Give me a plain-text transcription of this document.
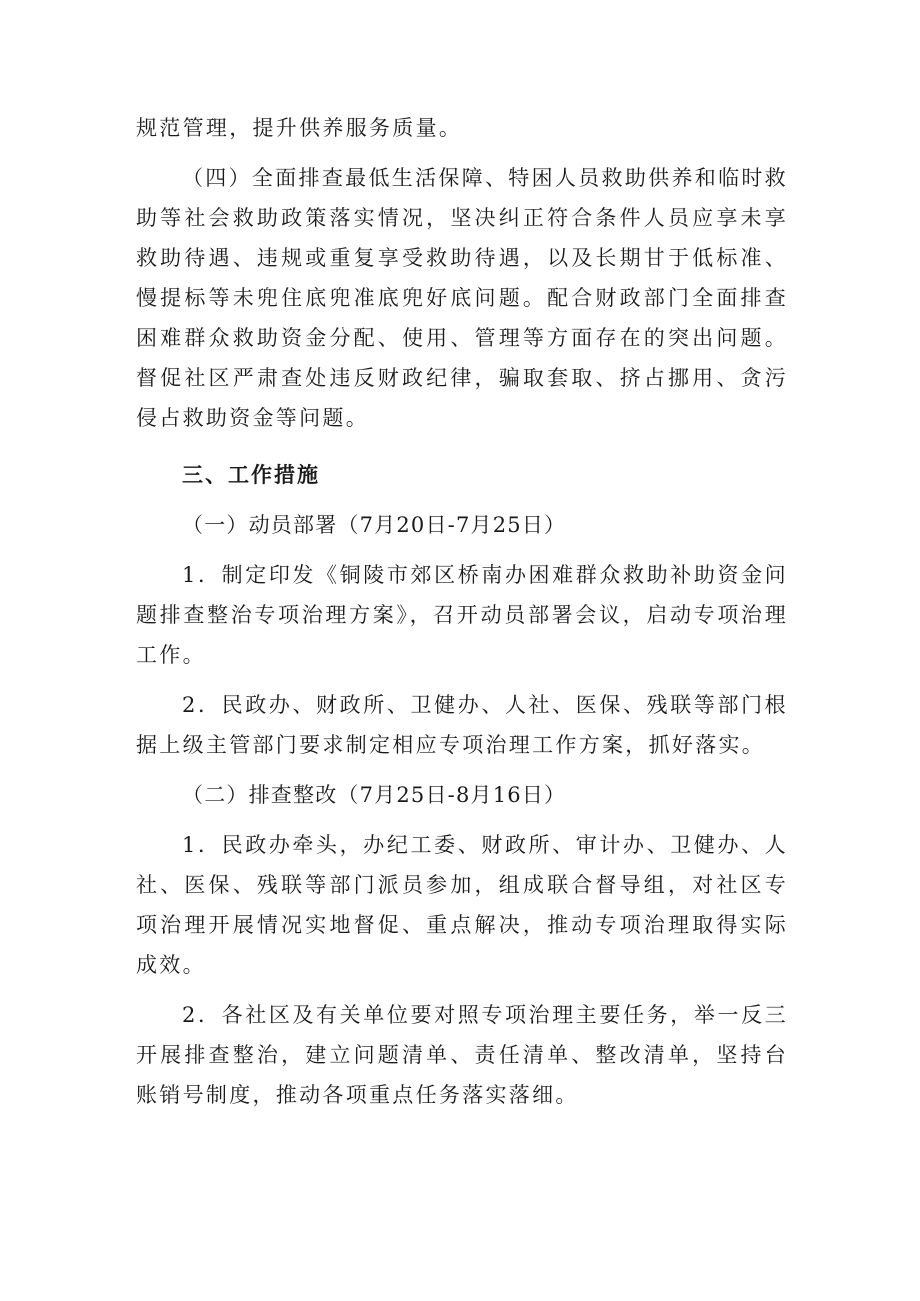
规范管理，提升供养服务质量。

（四）全面排查最低生活保障、特困人员救助供养和临时救助等社会救助政策落实情况，坚决纠正符合条件人员应享未享救助待遇、违规或重复享受救助待遇，以及长期甘于低标准、慢提标等未兜住底兜准底兜好底问题。配合财政部门全面排查困难群众救助资金分配、使用、管理等方面存在的突出问题。督促社区严肃查处违反财政纪律，骗取套取、挤占挪用、贪污侵占救助资金等问题。

三、工作措施

（一）动员部署（7月20日-7月25日）

1．制定印发《铜陵市郊区桥南办困难群众救助补助资金问题排查整治专项治理方案》，召开动员部署会议，启动专项治理工作。

2．民政办、财政所、卫健办、人社、医保、残联等部门根据上级主管部门要求制定相应专项治理工作方案，抓好落实。

（二）排查整改（7月25日-8月16日）

1．民政办牵头，办纪工委、财政所、审计办、卫健办、人社、医保、残联等部门派员参加，组成联合督导组，对社区专项治理开展情况实地督促、重点解决，推动专项治理取得实际成效。

2．各社区及有关单位要对照专项治理主要任务，举一反三开展排查整治，建立问题清单、责任清单、整改清单，坚持台账销号制度，推动各项重点任务落实落细。
